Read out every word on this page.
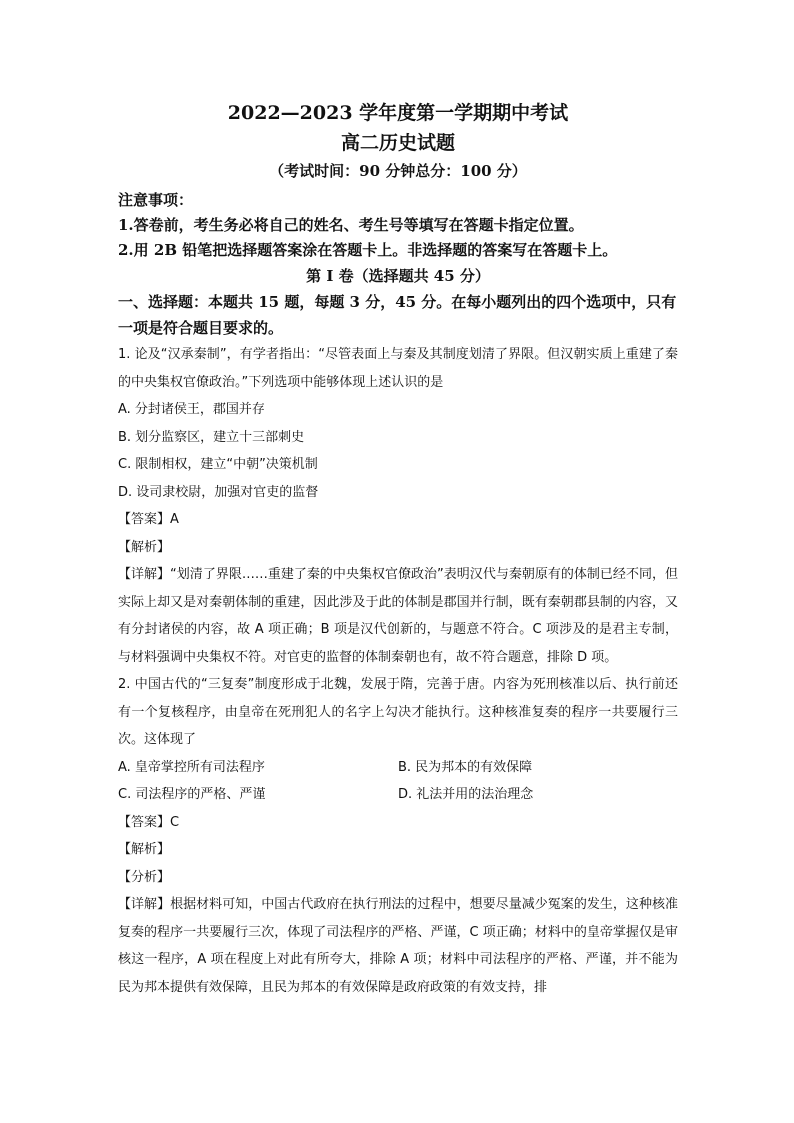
2022—2023 学年度第一学期期中考试
高二历史试题
（考试时间：90 分钟总分：100 分）
注意事项：
1.答卷前，考生务必将自己的姓名、考生号等填写在答题卡指定位置。
2.用 2B 铅笔把选择题答案涂在答题卡上。非选择题的答案写在答题卡上。
第 I 卷（选择题共 45 分）
一、选择题：本题共 15 题，每题 3 分，45 分。在每小题列出的四个选项中，只有一项是符合题目要求的。

1. 论及“汉承秦制”，有学者指出：“尽管表面上与秦及其制度划清了界限。但汉朝实质上重建了秦的中央集权官僚政治。”下列选项中能够体现上述认识的是

A. 分封诸侯王，郡国并存

B. 划分监察区，建立十三部刺史

C. 限制相权，建立“中朝”决策机制

D. 设司隶校尉，加强对官吏的监督

【答案】A
【解析】

【详解】“划清了界限……重建了秦的中央集权官僚政治”表明汉代与秦朝原有的体制已经不同，但实际上却又是对秦朝体制的重建，因此涉及于此的体制是郡国并行制，既有秦朝郡县制的内容，又有分封诸侯的内容，故 A 项正确；B 项是汉代创新的，与题意不符合。C 项涉及的是君主专制，与材料强调中央集权不符。对官吏的监督的体制秦朝也有，故不符合题意，排除 D 项。

2. 中国古代的“三复奏”制度形成于北魏，发展于隋，完善于唐。内容为死刑核准以后、执行前还有一个复核程序，由皇帝在死刑犯人的名字上勾决才能执行。这种核准复奏的程序一共要履行三次。这体现了

A. 皇帝掌控所有司法程序	B. 民为邦本的有效保障
C. 司法程序的严格、严谨	D. 礼法并用的法治理念
【答案】C
【解析】
【分析】

【详解】根据材料可知，中国古代政府在执行刑法的过程中，想要尽量减少冤案的发生，这种核准复奏的程序一共要履行三次，体现了司法程序的严格、严谨，C 项正确；材料中的皇帝掌握仅是审核这一程序，A 项在程度上对此有所夸大，排除 A 项；材料中司法程序的严格、严谨，并不能为民为邦本提供有效保障，且民为邦本的有效保障是政府政策的有效支持，排
